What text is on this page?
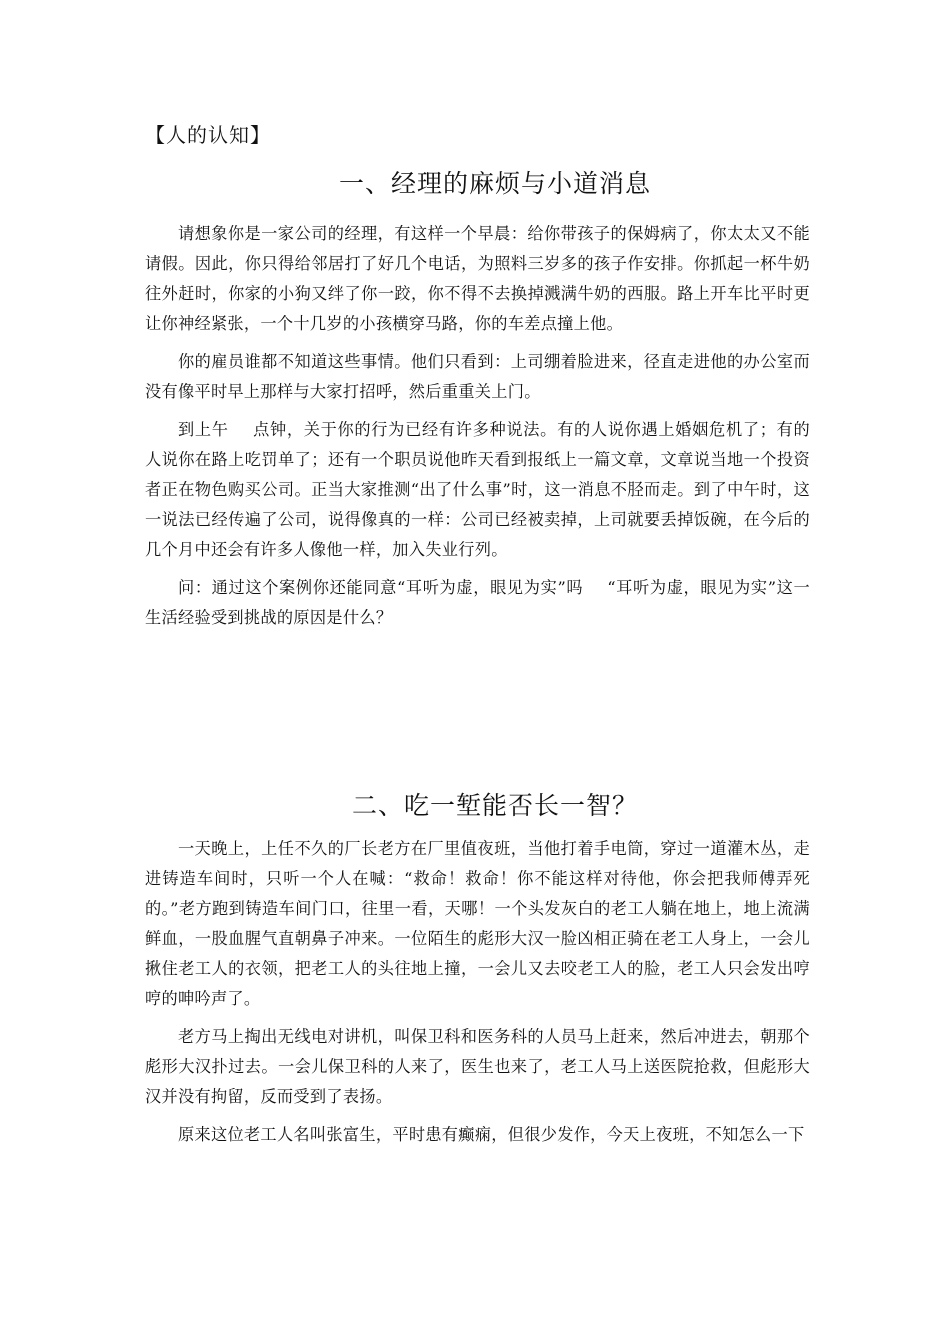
【人的认知】
一、经理的麻烦与小道消息

请想象你是一家公司的经理，有这样一个早晨：给你带孩子的保姆病了，你太太又不能请假。因此，你只得给邻居打了好几个电话，为照料三岁多的孩子作安排。你抓起一杯牛奶往外赶时，你家的小狗又绊了你一跤，你不得不去换掉溅满牛奶的西服。路上开车比平时更让你神经紧张，一个十几岁的小孩横穿马路，你的车差点撞上他。

你的雇员谁都不知道这些事情。他们只看到：上司绷着脸进来，径直走进他的办公室而没有像平时早上那样与大家打招呼，然后重重关上门。

到上午 点钟，关于你的行为已经有许多种说法。有的人说你遇上婚姻危机了；有的人说你在路上吃罚单了；还有一个职员说他昨天看到报纸上一篇文章，文章说当地一个投资者正在物色购买公司。正当大家推测“出了什么事”时，这一消息不胫而走。到了中午时，这一说法已经传遍了公司，说得像真的一样：公司已经被卖掉，上司就要丢掉饭碗，在今后的几个月中还会有许多人像他一样，加入失业行列。

问：通过这个案例你还能同意“耳听为虚，眼见为实”吗 “耳听为虚，眼见为实”这一生活经验受到挑战的原因是什么？

二、吃一堑能否长一智？

一天晚上，上任不久的厂长老方在厂里值夜班，当他打着手电筒，穿过一道灌木丛，走进铸造车间时，只听一个人在喊：“救命！救命！你不能这样对待他，你会把我师傅弄死的。”老方跑到铸造车间门口，往里一看，天哪！一个头发灰白的老工人躺在地上，地上流满鲜血，一股血腥气直朝鼻子冲来。一位陌生的彪形大汉一脸凶相正骑在老工人身上，一会儿揪住老工人的衣领，把老工人的头往地上撞，一会儿又去咬老工人的脸，老工人只会发出哼哼的呻吟声了。

老方马上掏出无线电对讲机，叫保卫科和医务科的人员马上赶来，然后冲进去，朝那个彪形大汉扑过去。一会儿保卫科的人来了，医生也来了，老工人马上送医院抢救，但彪形大汉并没有拘留，反而受到了表扬。

原来这位老工人名叫张富生，平时患有癫痫，但很少发作，今天上夜班，不知怎么一下
